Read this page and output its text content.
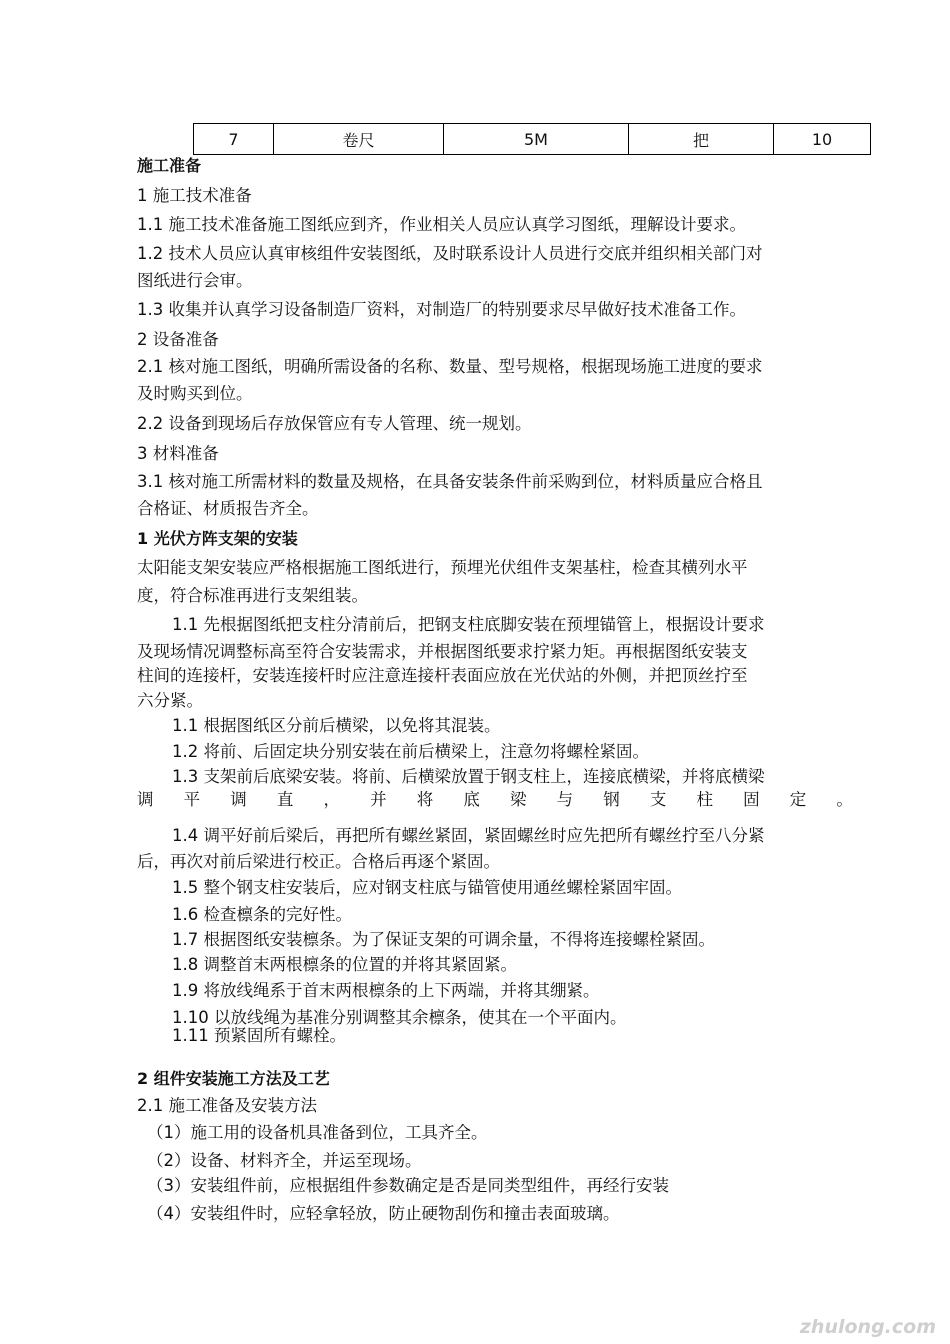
7	卷尺	5M	把	10
施工准备
1 施工技术准备
1.1 施工技术准备施工图纸应到齐，作业相关人员应认真学习图纸，理解设计要求。
1.2 技术人员应认真审核组件安装图纸，及时联系设计人员进行交底并组织相关部门对
图纸进行会审。
1.3 收集并认真学习设备制造厂资料，对制造厂的特别要求尽早做好技术准备工作。
2 设备准备
2.1 核对施工图纸，明确所需设备的名称、数量、型号规格，根据现场施工进度的要求
及时购买到位。
2.2 设备到现场后存放保管应有专人管理、统一规划。
3 材料准备
3.1 核对施工所需材料的数量及规格，在具备安装条件前采购到位，材料质量应合格且
合格证、材质报告齐全。
1 光伏方阵支架的安装
太阳能支架安装应严格根据施工图纸进行，预埋光伏组件支架基柱，检查其横列水平
度，符合标准再进行支架组装。
1.1 先根据图纸把支柱分清前后，把钢支柱底脚安装在预埋锚管上，根据设计要求
及现场情况调整标高至符合安装需求，并根据图纸要求拧紧力矩。再根据图纸安装支
柱间的连接杆，安装连接杆时应注意连接杆表面应放在光伏站的外侧，并把顶丝拧至
六分紧。
1.1 根据图纸区分前后横梁，以免将其混装。
1.2 将前、后固定块分别安装在前后横梁上，注意勿将螺栓紧固。
1.3 支架前后底梁安装。将前、后横梁放置于钢支柱上，连接底横梁，并将底横梁
1.4 调平好前后梁后，再把所有螺丝紧固，紧固螺丝时应先把所有螺丝拧至八分紧
后，再次对前后梁进行校正。合格后再逐个紧固。
1.5 整个钢支柱安装后，应对钢支柱底与锚管使用通丝螺栓紧固牢固。
1.6 检查檩条的完好性。
1.7 根据图纸安装檩条。为了保证支架的可调余量，不得将连接螺栓紧固。
1.8 调整首末两根檩条的位置的并将其紧固紧。
1.9 将放线绳系于首末两根檩条的上下两端，并将其绷紧。
1.10 以放线绳为基准分别调整其余檩条，使其在一个平面内。
1.11 预紧固所有螺栓。
2 组件安装施工方法及工艺
2.1 施工准备及安装方法
（1）施工用的设备机具准备到位，工具齐全。
（2）设备、材料齐全，并运至现场。
（3）安装组件前，应根据组件参数确定是否是同类型组件，再经行安装
（4）安装组件时，应轻拿轻放，防止硬物刮伤和撞击表面玻璃。
调 平 调 直 ， 并 将 底 梁 与 钢 支 柱 固 定 。
zhulong.com
